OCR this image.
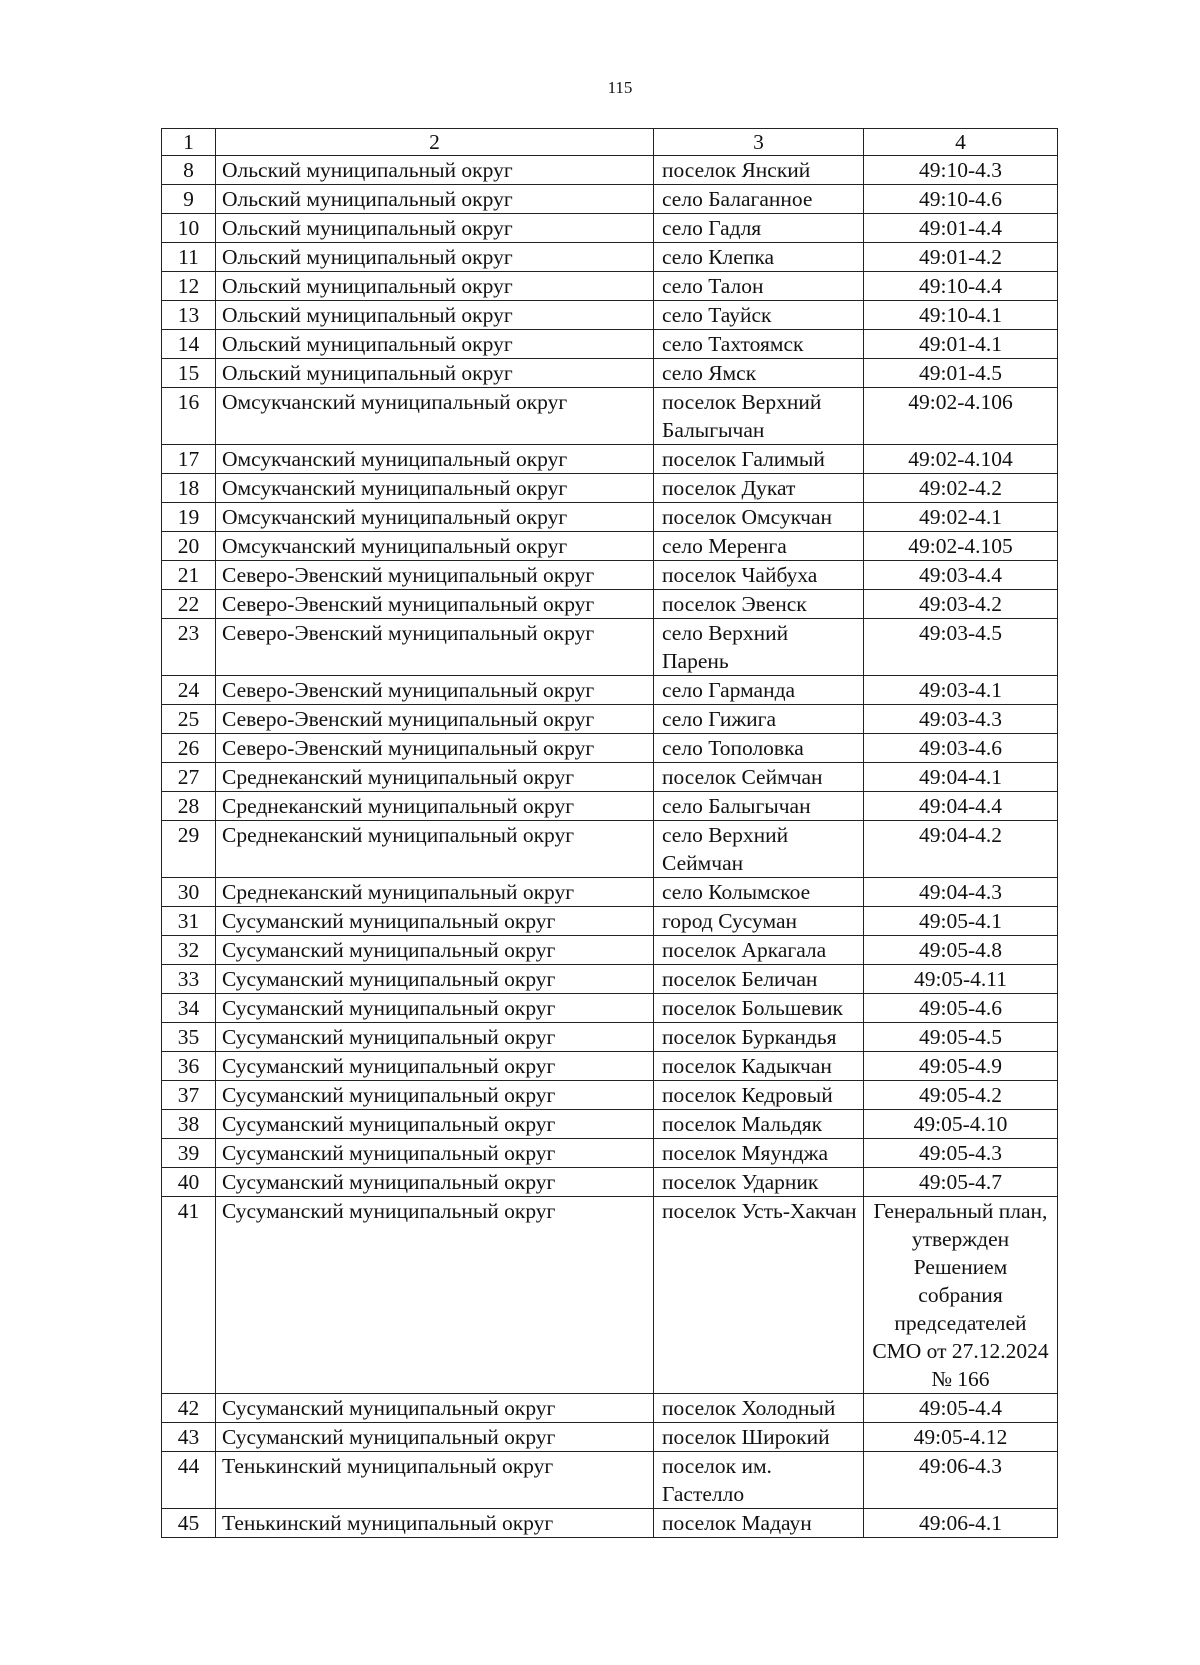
115
1	2	3	4
8	Ольский муниципальный округ	поселок Янский	49:10-4.3
9	Ольский муниципальный округ	село Балаганное	49:10-4.6
10	Ольский муниципальный округ	село Гадля	49:01-4.4
11	Ольский муниципальный округ	село Клепка	49:01-4.2
12	Ольский муниципальный округ	село Талон	49:10-4.4
13	Ольский муниципальный округ	село Тауйск	49:10-4.1
14	Ольский муниципальный округ	село Тахтоямск	49:01-4.1
15	Ольский муниципальный округ	село Ямск	49:01-4.5
16	Омсукчанский муниципальный округ	поселок Верхний Балыгычан	49:02-4.106
17	Омсукчанский муниципальный округ	поселок Галимый	49:02-4.104
18	Омсукчанский муниципальный округ	поселок Дукат	49:02-4.2
19	Омсукчанский муниципальный округ	поселок Омсукчан	49:02-4.1
20	Омсукчанский муниципальный округ	село Меренга	49:02-4.105
21	Северо-Эвенский муниципальный округ	поселок Чайбуха	49:03-4.4
22	Северо-Эвенский муниципальный округ	поселок Эвенск	49:03-4.2
23	Северо-Эвенский муниципальный округ	село Верхний Парень	49:03-4.5
24	Северо-Эвенский муниципальный округ	село Гарманда	49:03-4.1
25	Северо-Эвенский муниципальный округ	село Гижига	49:03-4.3
26	Северо-Эвенский муниципальный округ	село Тополовка	49:03-4.6
27	Среднеканский муниципальный округ	поселок Сеймчан	49:04-4.1
28	Среднеканский муниципальный округ	село Балыгычан	49:04-4.4
29	Среднеканский муниципальный округ	село Верхний Сеймчан	49:04-4.2
30	Среднеканский муниципальный округ	село Колымское	49:04-4.3
31	Сусуманский муниципальный округ	город Сусуман	49:05-4.1
32	Сусуманский муниципальный округ	поселок Аркагала	49:05-4.8
33	Сусуманский муниципальный округ	поселок Беличан	49:05-4.11
34	Сусуманский муниципальный округ	поселок Большевик	49:05-4.6
35	Сусуманский муниципальный округ	поселок Буркандья	49:05-4.5
36	Сусуманский муниципальный округ	поселок Кадыкчан	49:05-4.9
37	Сусуманский муниципальный округ	поселок Кедровый	49:05-4.2
38	Сусуманский муниципальный округ	поселок Мальдяк	49:05-4.10
39	Сусуманский муниципальный округ	поселок Мяунджа	49:05-4.3
40	Сусуманский муниципальный округ	поселок Ударник	49:05-4.7
41	Сусуманский муниципальный округ	поселок Усть-Хакчан	Генеральный план, утвержден Решением собрания председателей СМО от 27.12.2024 № 166
42	Сусуманский муниципальный округ	поселок Холодный	49:05-4.4
43	Сусуманский муниципальный округ	поселок Широкий	49:05-4.12
44	Тенькинский муниципальный округ	поселок им. Гастелло	49:06-4.3
45	Тенькинский муниципальный округ	поселок Мадаун	49:06-4.1
